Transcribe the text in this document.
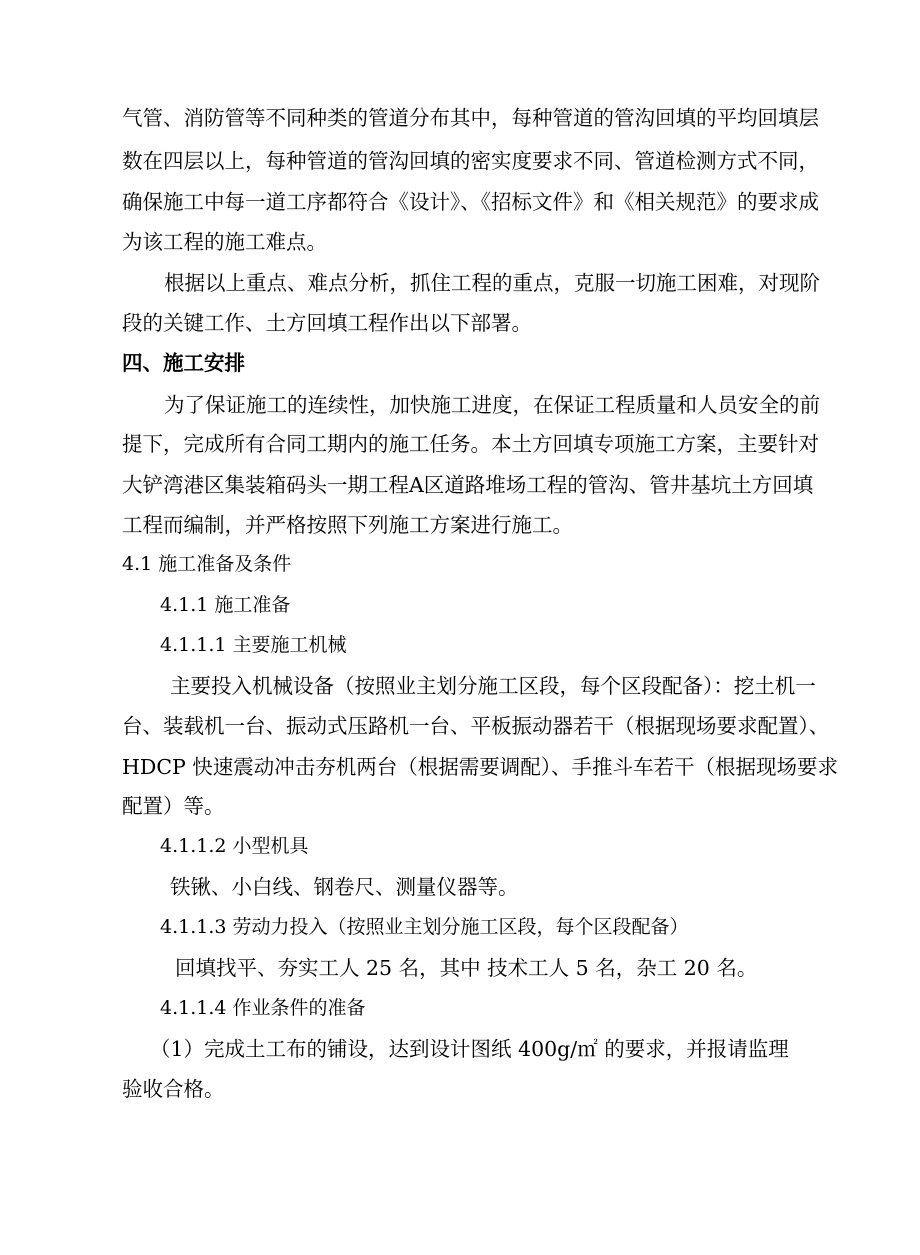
气管、消防管等不同种类的管道分布其中，每种管道的管沟回填的平均回填层
数在四层以上，每种管道的管沟回填的密实度要求不同、管道检测方式不同，
确保施工中每一道工序都符合《设计》、《招标文件》和《相关规范》的要求成
为该工程的施工难点。
根据以上重点、难点分析，抓住工程的重点，克服一切施工困难，对现阶
段的关键工作、土方回填工程作出以下部署。
四、施工安排
为了保证施工的连续性，加快施工进度，在保证工程质量和人员安全的前
提下，完成所有合同工期内的施工任务。本土方回填专项施工方案，主要针对
大铲湾港区集装箱码头一期工程A区道路堆场工程的管沟、管井基坑土方回填
工程而编制，并严格按照下列施工方案进行施工。
4.1 施工准备及条件
4.1.1 施工准备
4.1.1.1 主要施工机械
主要投入机械设备（按照业主划分施工区段，每个区段配备）：挖土机一
台、装载机一台、振动式压路机一台、平板振动器若干（根据现场要求配置）、
HDCP 快速震动冲击夯机两台（根据需要调配）、手推斗车若干（根据现场要求
配置）等。
4.1.1.2 小型机具
铁锹、小白线、钢卷尺、测量仪器等。
4.1.1.3 劳动力投入（按照业主划分施工区段，每个区段配备）
回填找平、夯实工人 25 名，其中 技术工人 5 名，杂工 20 名。
4.1.1.4 作业条件的准备
（1）完成土工布的铺设，达到设计图纸 400g/㎡ 的要求，并报请监理
验收合格。
